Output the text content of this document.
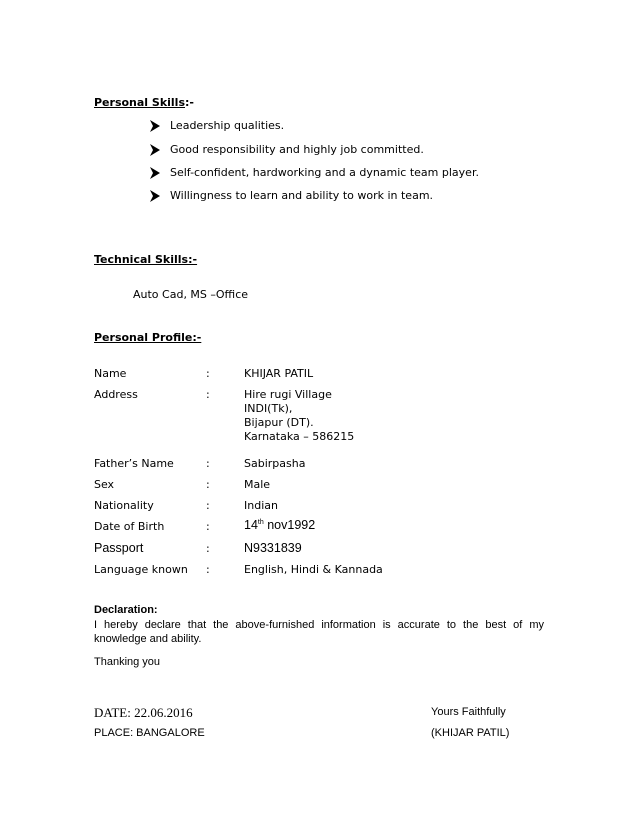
Personal Skills:-
Leadership qualities.
Good responsibility and highly job committed.
Self-confident, hardworking and a dynamic team player.
Willingness to learn and ability to work in team.
Technical Skills:-
Auto Cad, MS –Office
Personal Profile:-
Name	:	KHIJAR PATIL
Address	:	Hire rugi Village
INDI(Tk),
Bijapur (DT).
Karnataka – 586215
Father’s Name	:	Sabirpasha
Sex	:	Male
Nationality	:	Indian
Date of Birth	:	14th nov1992
Passport	:	N9331839
Language known :	English, Hindi & Kannada
Declaration:
I hereby declare that the above-furnished information is accurate to the best of my knowledge and ability.
Thanking you
DATE: 22.06.2016	Yours Faithfully
PLACE: BANGALORE	(KHIJAR PATIL)
